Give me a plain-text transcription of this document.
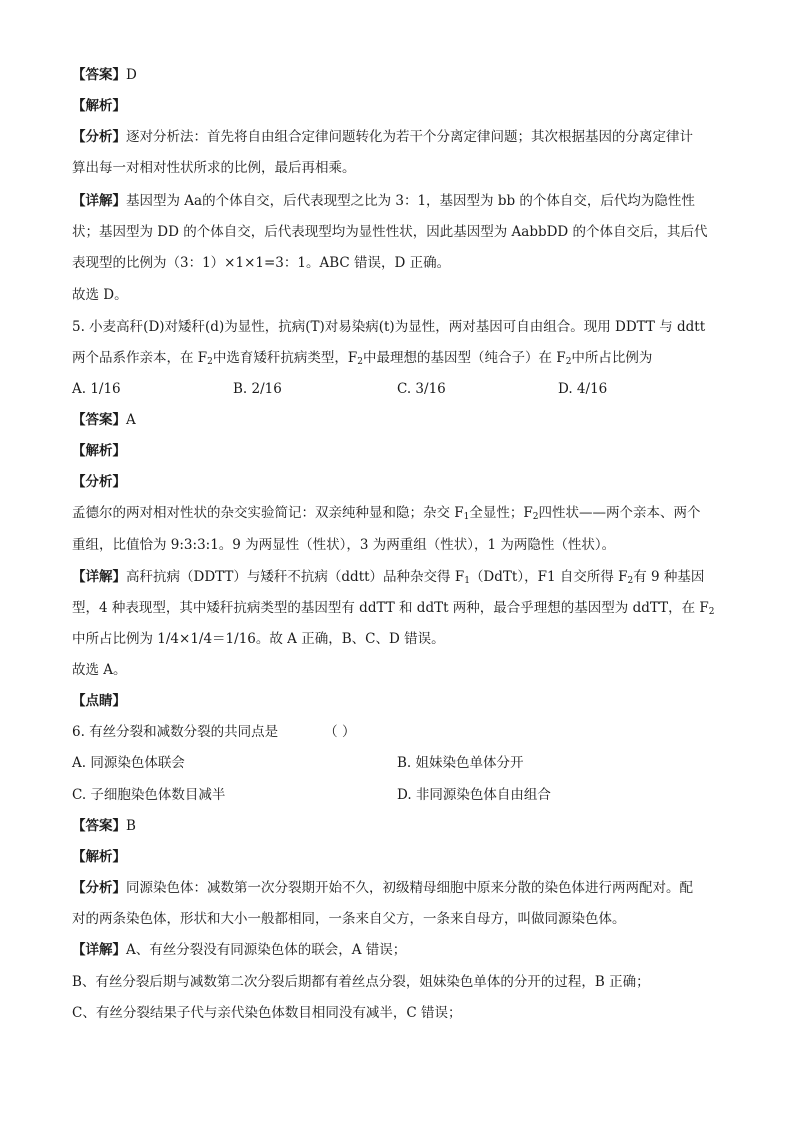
【答案】D
【解析】
【分析】逐对分析法：首先将自由组合定律问题转化为若干个分离定律问题；其次根据基因的分离定律计
算出每一对相对性状所求的比例，最后再相乘。
【详解】基因型为 Aa的个体自交，后代表现型之比为 3：1，基因型为 bb 的个体自交，后代均为隐性性
状；基因型为 DD 的个体自交，后代表现型均为显性性状，因此基因型为 AabbDD 的个体自交后，其后代
表现型的比例为（3：1）×1×1=3：1。ABC 错误，D 正确。
故选 D。
5. 小麦高秆(D)对矮秆(d)为显性，抗病(T)对易染病(t)为显性，两对基因可自由组合。现用 DDTT 与 ddtt
两个品系作亲本，在 $F_2$中选育矮秆抗病类型，$F_2$中最理想的基因型（纯合子）在 $F_2$中所占比例为
A. 1/16	B. 2/16	C. 3/16	D. 4/16
【答案】A
【解析】
【分析】
孟德尔的两对相对性状的杂交实验简记：双亲纯种显和隐；杂交 $F_1$全显性；$F_2$四性状——两个亲本、两个
重组，比值恰为 9:3:3:1。9 为两显性（性状），3 为两重组（性状），1 为两隐性（性状）。
【详解】高秆抗病（DDTT）与矮秆不抗病（ddtt）品种杂交得 $F_1(DdTt)$，F1 自交所得 $F_2$有 9 种基因
型，4 种表现型，其中矮秆抗病类型的基因型有 ddTT 和 ddTt 两种，最合乎理想的基因型为 ddTT，在 $F_2$
中所占比例为 1/4×1/4＝1/16。故 A 正确，B、C、D 错误。
故选 A。
【点睛】
6. 有丝分裂和减数分裂的共同点是	（ ）
A. 同源染色体联会	B. 姐妹染色单体分开
C. 子细胞染色体数目减半	D. 非同源染色体自由组合
【答案】B
【解析】
【分析】同源染色体：减数第一次分裂期开始不久，初级精母细胞中原来分散的染色体进行两两配对。配
对的两条染色体，形状和大小一般都相同，一条来自父方，一条来自母方，叫做同源染色体。
【详解】A、有丝分裂没有同源染色体的联会，A 错误；
B、有丝分裂后期与减数第二次分裂后期都有着丝点分裂，姐妹染色单体的分开的过程，B 正确；
C、有丝分裂结果子代与亲代染色体数目相同没有减半，C 错误；
